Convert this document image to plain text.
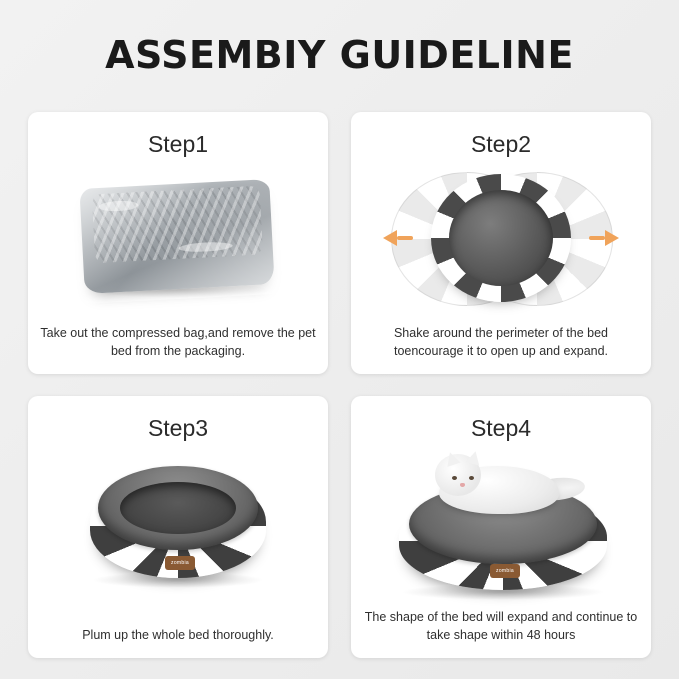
ASSEMBIY GUIDELINE
Step1
Take out the compressed bag,and remove the pet bed from the packaging.
Step2
Shake around the perimeter of the bed toencourage it to open up and expand.
Step3
zombia
Plum up the whole bed thoroughly.
Step4
zombia
The shape of the bed will expand and continue to take shape within 48 hours
